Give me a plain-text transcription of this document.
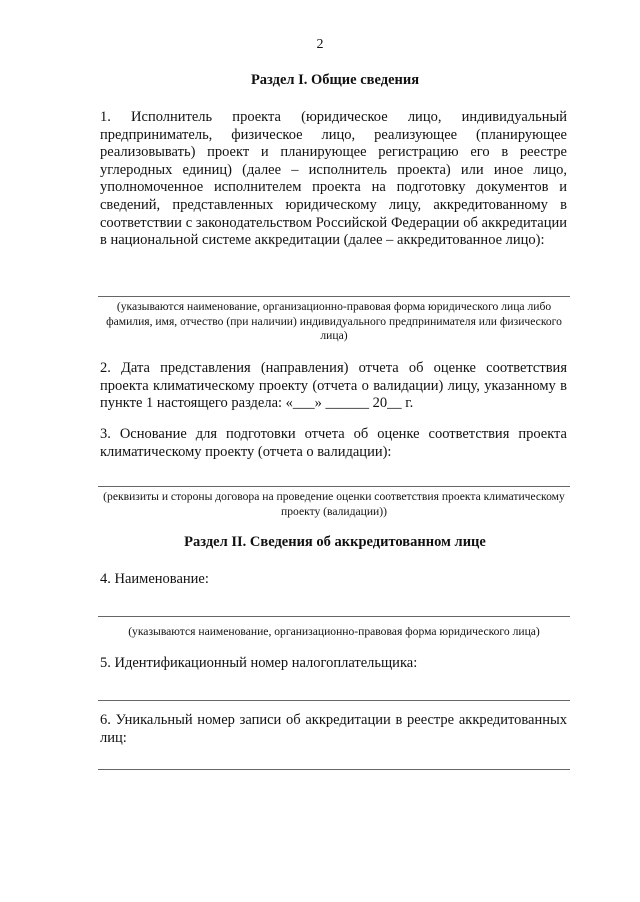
2
Раздел I. Общие сведения
1. Исполнитель проекта (юридическое лицо, индивидуальный предприниматель, физическое лицо, реализующее (планирующее реализовывать) проект и планирующее регистрацию его в реестре углеродных единиц) (далее – исполнитель проекта) или иное лицо, уполномоченное исполнителем проекта на подготовку документов и сведений, представленных юридическому лицу, аккредитованному в соответствии с законодательством Российской Федерации об аккредитации в национальной системе аккредитации (далее – аккредитованное лицо):
(указываются наименование, организационно-правовая форма юридического лица либо фамилия, имя, отчество (при наличии) индивидуального предпринимателя или физического лица)
2. Дата представления (направления) отчета об оценке соответствия проекта климатическому проекту (отчета о валидации) лицу, указанному в пункте 1 настоящего раздела: «___» ______ 20__ г.
3. Основание для подготовки отчета об оценке соответствия проекта климатическому проекту (отчета о валидации):
(реквизиты и стороны договора на проведение оценки соответствия проекта климатическому проекту (валидации))
Раздел II. Сведения об аккредитованном лице
4. Наименование:
(указываются наименование, организационно-правовая форма юридического лица)
5. Идентификационный номер налогоплательщика:
6. Уникальный номер записи об аккредитации в реестре аккредитованных лиц:
